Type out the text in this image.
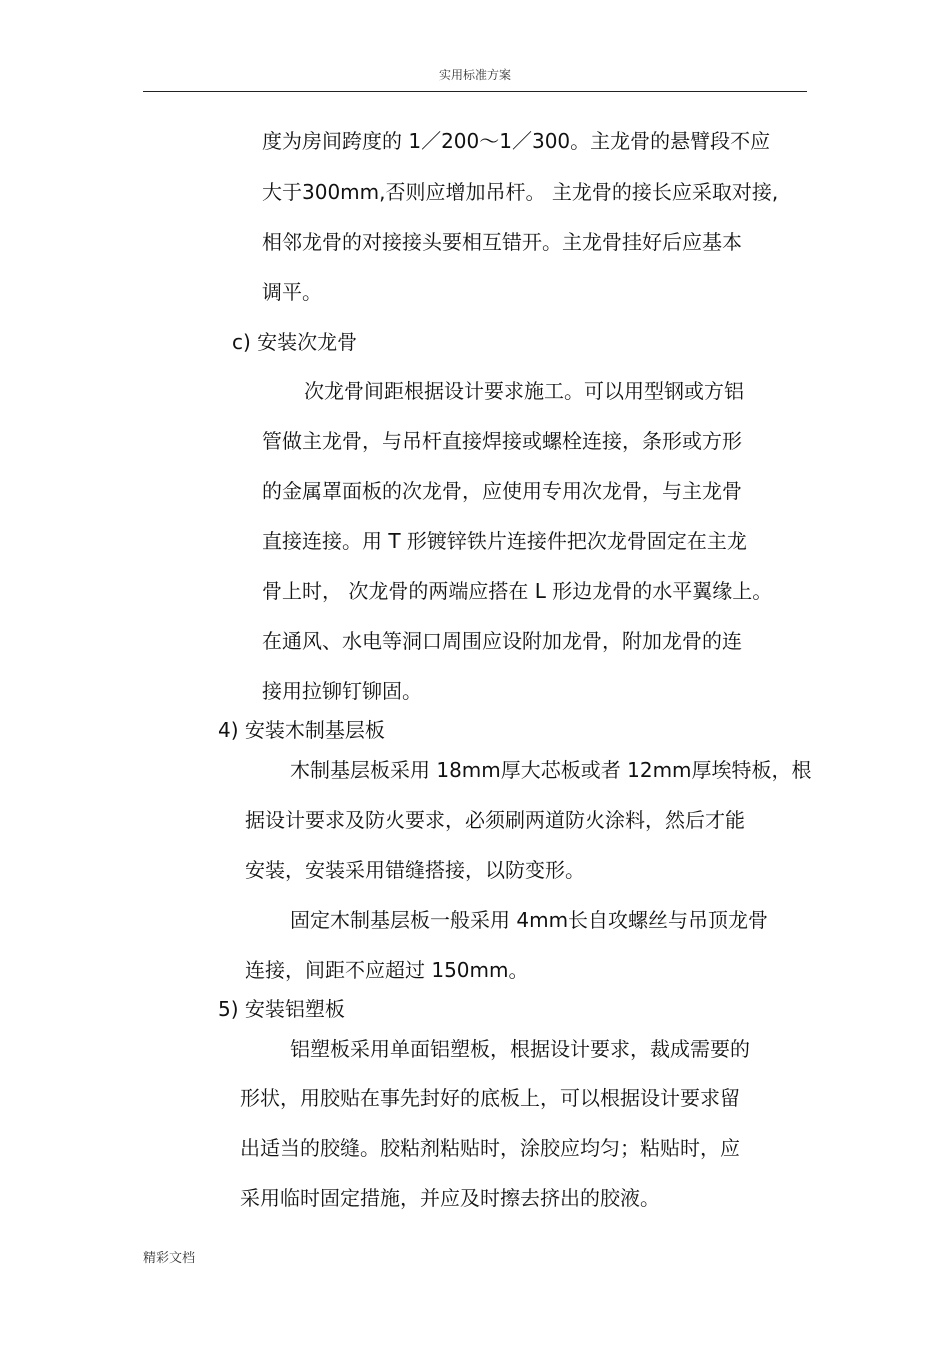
实用标准方案
度为房间跨度的 1／200～1／300。主龙骨的悬臂段不应
大于300mm,否则应增加吊杆。 主龙骨的接长应采取对接,
相邻龙骨的对接接头要相互错开。主龙骨挂好后应基本
调平。
c) 安装次龙骨
次龙骨间距根据设计要求施工。可以用型钢或方铝
管做主龙骨，与吊杆直接焊接或螺栓连接，条形或方形
的金属罩面板的次龙骨，应使用专用次龙骨，与主龙骨
直接连接。用 T 形镀锌铁片连接件把次龙骨固定在主龙
骨上时， 次龙骨的两端应搭在 L 形边龙骨的水平翼缘上。
在通风、水电等洞口周围应设附加龙骨，附加龙骨的连
接用拉铆钉铆固。
4) 安装木制基层板
木制基层板采用 18mm厚大芯板或者 12mm厚埃特板，根
据设计要求及防火要求，必须刷两道防火涂料，然后才能
安装，安装采用错缝搭接，以防变形。
固定木制基层板一般采用 4mm长自攻螺丝与吊顶龙骨
连接，间距不应超过 150mm。
5) 安装铝塑板
铝塑板采用单面铝塑板，根据设计要求，裁成需要的
形状，用胶贴在事先封好的底板上，可以根据设计要求留
出适当的胶缝。胶粘剂粘贴时，涂胶应均匀；粘贴时，应
采用临时固定措施，并应及时擦去挤出的胶液。
精彩文档
